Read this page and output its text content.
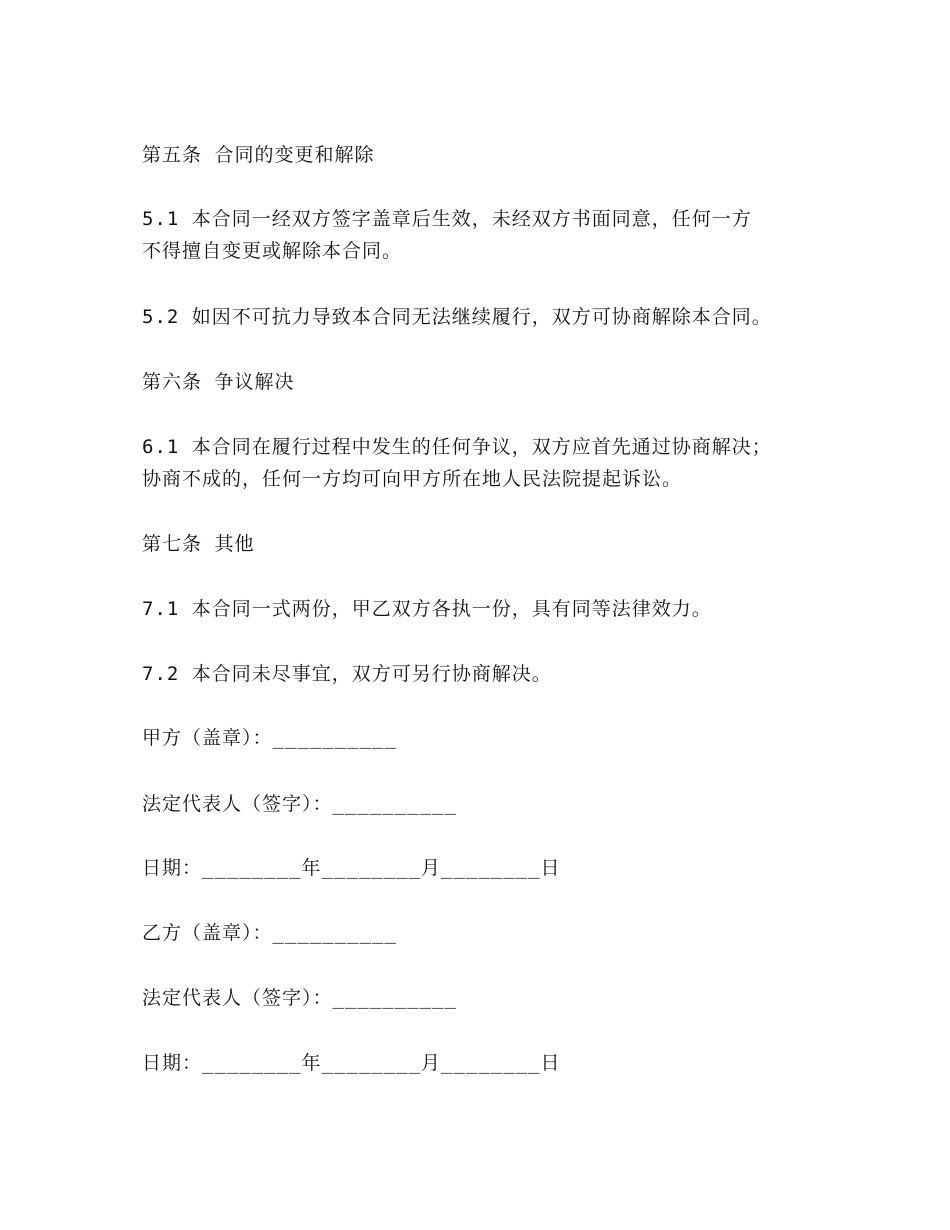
第五条 合同的变更和解除
5.1 本合同一经双方签字盖章后生效，未经双方书面同意，任何一方
不得擅自变更或解除本合同。
5.2 如因不可抗力导致本合同无法继续履行，双方可协商解除本合同。
第六条 争议解决
6.1 本合同在履行过程中发生的任何争议，双方应首先通过协商解决；
协商不成的，任何一方均可向甲方所在地人民法院提起诉讼。
第七条 其他
7.1 本合同一式两份，甲乙双方各执一份，具有同等法律效力。
7.2 本合同未尽事宜，双方可另行协商解决。
甲方（盖章）：__________
法定代表人（签字）：__________
日期：________年________月________日
乙方（盖章）：__________
法定代表人（签字）：__________
日期：________年________月________日
